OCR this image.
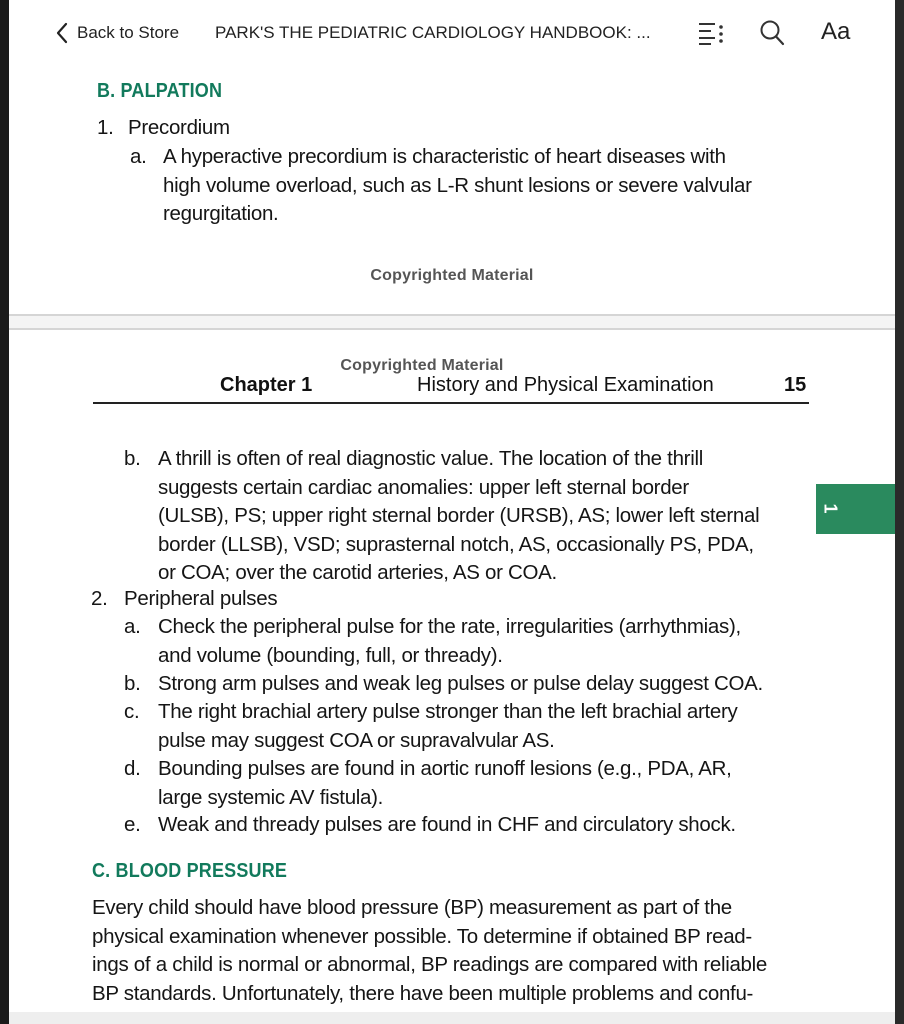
Back to Store PARK'S THE PEDIATRIC CARDIOLOGY HANDBOOK: ...	Aa
B. PALPATION
1. Precordium
a. A hyperactive precordium is characteristic of heart diseases with
high volume overload, such as L-R shunt lesions or severe valvular
regurgitation.
Copyrighted Material
Copyrighted Material
Chapter 1	History and Physical Examination	15
b. A thrill is often of real diagnostic value. The location of the thrill
suggests certain cardiac anomalies: upper left sternal border
(ULSB), PS; upper right sternal border (URSB), AS; lower left sternal
border (LLSB), VSD; suprasternal notch, AS, occasionally PS, PDA,
or COA; over the carotid arteries, AS or COA.
2. Peripheral pulses
a. Check the peripheral pulse for the rate, irregularities (arrhythmias),
and volume (bounding, full, or thready).
b. Strong arm pulses and weak leg pulses or pulse delay suggest COA.
c. The right brachial artery pulse stronger than the left brachial artery
pulse may suggest COA or supravalvular AS.
d. Bounding pulses are found in aortic runoff lesions (e.g., PDA, AR,
large systemic AV fistula).
e. Weak and thready pulses are found in CHF and circulatory shock.
C. BLOOD PRESSURE
Every child should have blood pressure (BP) measurement as part of the
physical examination whenever possible. To determine if obtained BP read-
ings of a child is normal or abnormal, BP readings are compared with reliable
BP standards. Unfortunately, there have been multiple problems and confu-
1
